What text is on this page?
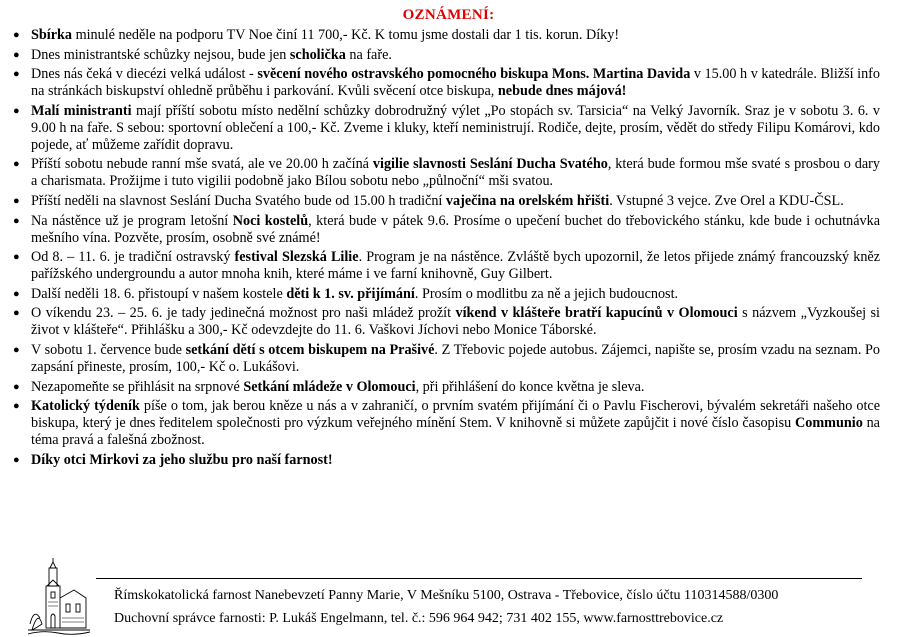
OZNÁMENÍ:
● Sbírka minulé neděle na podporu TV Noe činí 11 700,- Kč. K tomu jsme dostali dar 1 tis. korun. Díky!
● Dnes ministrantské schůzky nejsou, bude jen scholička na faře.
● Dnes nás čeká v diecézi velká událost - svěcení nového ostravského pomocného biskupa Mons. Martina Davida v 15.00 h v katedrále. Bližší info na stránkách biskupství ohledně průběhu i parkování. Kvůli svěcení otce biskupa, nebude dnes májová!
● Malí ministranti mají příští sobotu místo nedělní schůzky dobrodružný výlet „Po stopách sv. Tarsicia“ na Velký Javorník. Sraz je v sobotu 3. 6. v 9.00 h na faře. S sebou: sportovní oblečení a 100,- Kč. Zveme i kluky, kteří neministrují. Rodiče, dejte, prosím, vědět do středy Filipu Komárovi, kdo pojede, ať můžeme zařídit dopravu.
● Příští sobotu nebude ranní mše svatá, ale ve 20.00 h začíná vigilie slavnosti Seslání Ducha Svatého, která bude formou mše svaté s prosbou o dary a charismata. Prožijme i tuto vigilii podobně jako Bílou sobotu nebo „půlnoční“ mši svatou.
● Příští neděli na slavnost Seslání Ducha Svatého bude od 15.00 h tradiční vaječina na orelském hřišti. Vstupné 3 vejce. Zve Orel a KDU-ČSL.
● Na nástěnce už je program letošní Noci kostelů, která bude v pátek 9.6. Prosíme o upečení buchet do třebovického stánku, kde bude i ochutnávka mešního vína. Pozvěte, prosím, osobně své známé!
● Od 8. – 11. 6. je tradiční ostravský festival Slezská Lilie. Program je na nástěnce. Zvláště bych upozornil, že letos přijede známý francouzský kněz pařížského undergroundu a autor mnoha knih, které máme i ve farní knihovně, Guy Gilbert.
● Další neděli 18. 6. přistoupí v našem kostele děti k 1. sv. přijímání. Prosím o modlitbu za ně a jejich budoucnost.
● O víkendu 23. – 25. 6. je tady jedinečná možnost pro naši mládež prožít víkend v klášteře bratří kapucínů v Olomouci s názvem „Vyzkoušej si život v klášteře“. Přihlášku a 300,- Kč odevzdejte do 11. 6. Vaškovi Jíchovi nebo Monice Táborské.
● V sobotu 1. července bude setkání dětí s otcem biskupem na Prašivé. Z Třebovic pojede autobus. Zájemci, napište se, prosím vzadu na seznam. Po zapsání přineste, prosím, 100,- Kč o. Lukášovi.
● Nezapomeňte se přihlásit na srpnové Setkání mládeže v Olomouci, při přihlášení do konce května je sleva.
● Katolický týdeník píše o tom, jak berou kněze u nás a v zahraničí, o prvním svatém přijímání či o Pavlu Fischerovi, bývalém sekretáři našeho otce biskupa, který je dnes ředitelem společnosti pro výzkum veřejného mínění Stem. V knihovně si můžete zapůjčit i nové číslo časopisu Communio na téma pravá a falešná zbožnost.
● Díky otci Mirkovi za jeho službu pro naší farnost!
Římskokatolická farnost Nanebevzetí Panny Marie, V Mešníku 5100, Ostrava - Třebovice, číslo účtu 110314588/0300
Duchovní správce farnosti: P. Lukáš Engelmann, tel. č.: 596 964 942; 731 402 155, www.farnosttrebovice.cz
